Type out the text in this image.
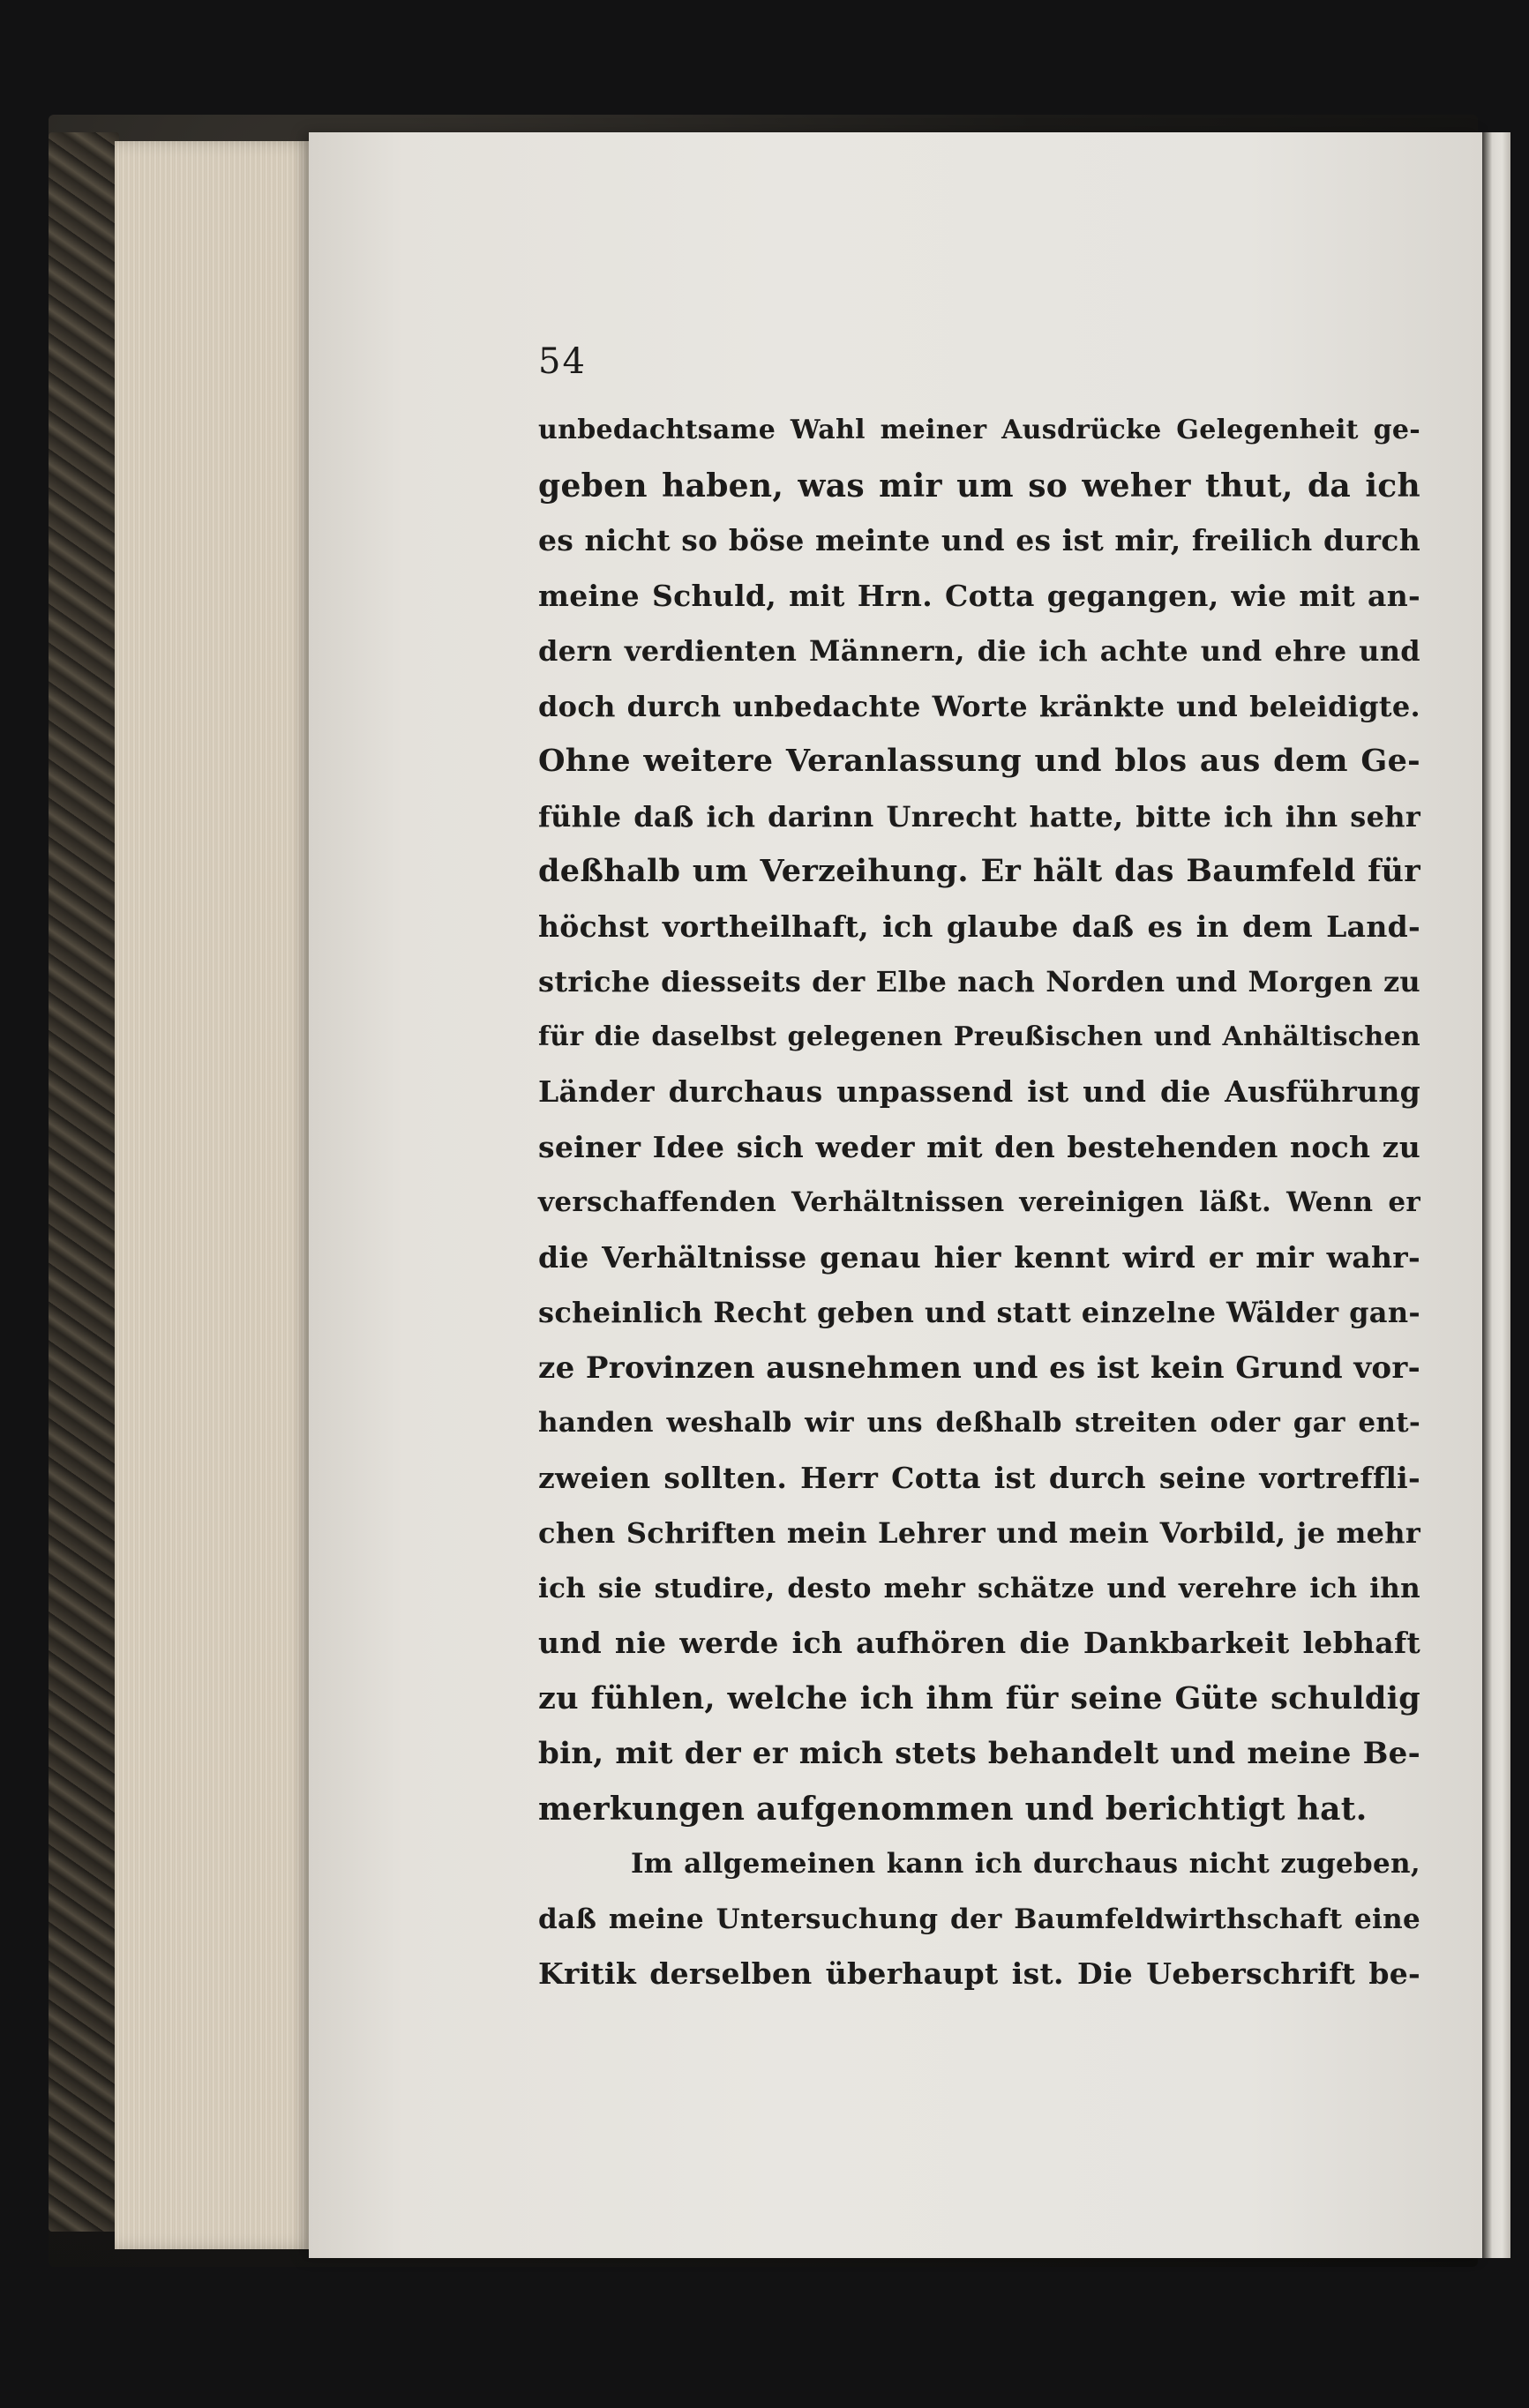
54
unbedachtsame Wahl meiner Ausdrücke Gelegenheit ge-
geben haben, was mir um so weher thut, da ich
es nicht so böse meinte und es ist mir, freilich durch
meine Schuld, mit Hrn. Cotta gegangen, wie mit an-
dern verdienten Männern, die ich achte und ehre und
doch durch unbedachte Worte kränkte und beleidigte.
Ohne weitere Veranlassung und blos aus dem Ge-
fühle daß ich darinn Unrecht hatte, bitte ich ihn sehr
deßhalb um Verzeihung. Er hält das Baumfeld für
höchst vortheilhaft, ich glaube daß es in dem Land-
striche diesseits der Elbe nach Norden und Morgen zu
für die daselbst gelegenen Preußischen und Anhältischen
Länder durchaus unpassend ist und die Ausführung
seiner Idee sich weder mit den bestehenden noch zu
verschaffenden Verhältnissen vereinigen läßt. Wenn er
die Verhältnisse genau hier kennt wird er mir wahr-
scheinlich Recht geben und statt einzelne Wälder gan-
ze Provinzen ausnehmen und es ist kein Grund vor-
handen weshalb wir uns deßhalb streiten oder gar ent-
zweien sollten. Herr Cotta ist durch seine vortreffli-
chen Schriften mein Lehrer und mein Vorbild, je mehr
ich sie studire, desto mehr schätze und verehre ich ihn
und nie werde ich aufhören die Dankbarkeit lebhaft
zu fühlen, welche ich ihm für seine Güte schuldig
bin, mit der er mich stets behandelt und meine Be-
merkungen aufgenommen und berichtigt hat.
Im allgemeinen kann ich durchaus nicht zugeben,
daß meine Untersuchung der Baumfeldwirthschaft eine
Kritik derselben überhaupt ist. Die Ueberschrift be-
